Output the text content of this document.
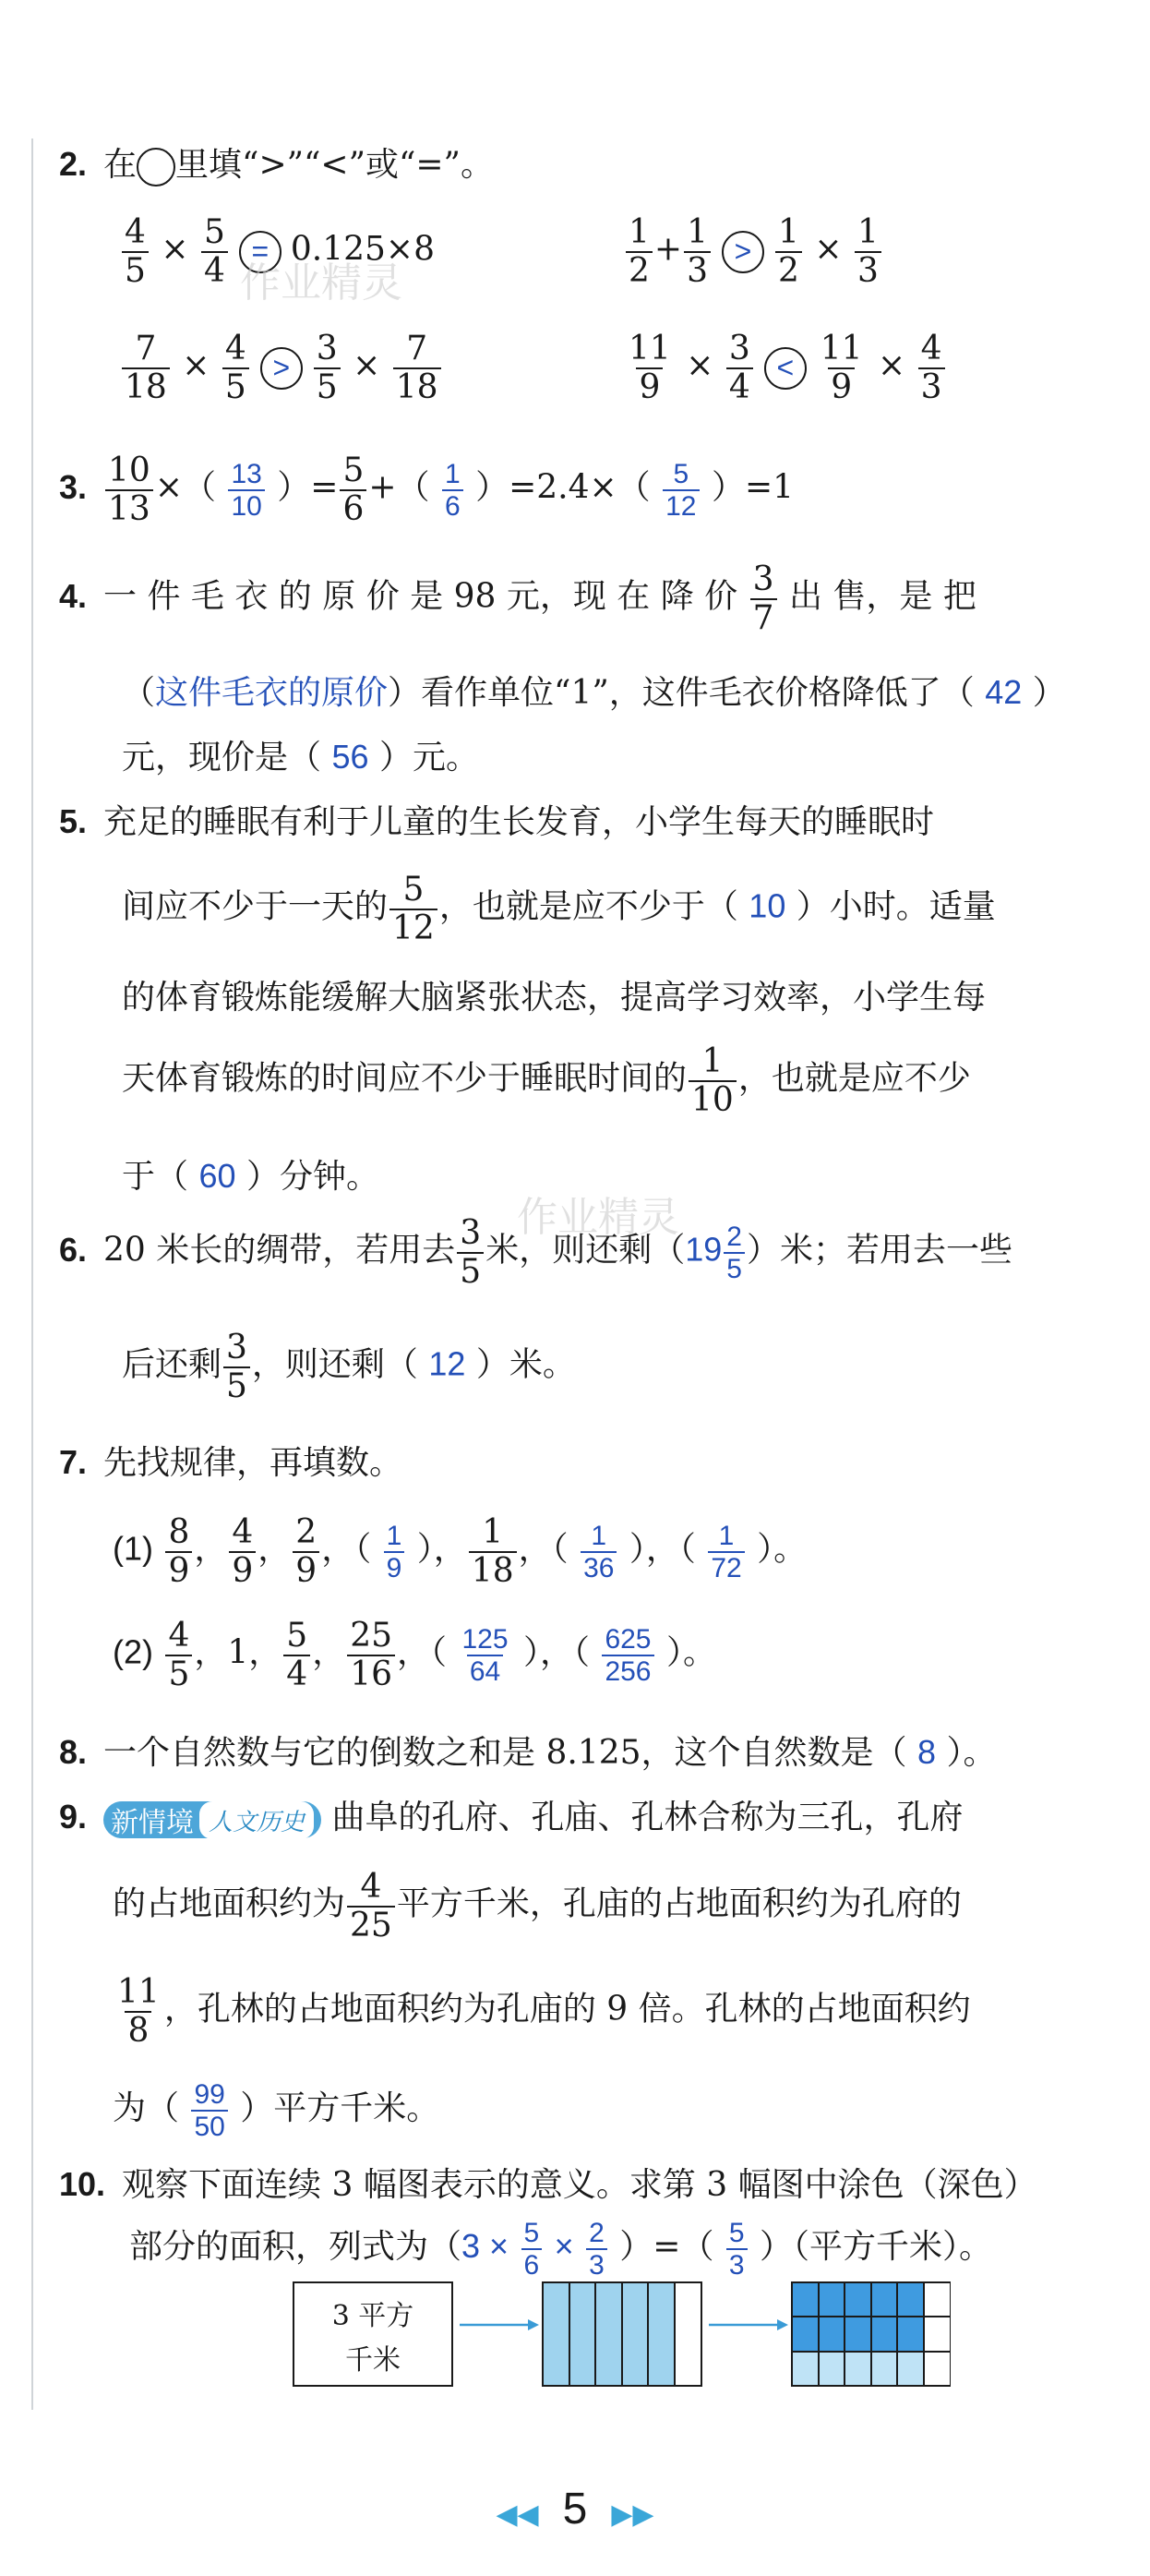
2. 在 里填“>”“<”或“=”。
$\frac{4}{5} \times \frac{5}{4} = 0.125\times 8$	$\frac{1}{2} + \frac{1}{3} > \frac{1}{2} \times \frac{1}{3}$
$\frac{7}{18} \times \frac{4}{5} > \frac{3}{5} \times \frac{7}{18}$	$\frac{11}{9} \times \frac{3}{4} < \frac{11}{9} \times \frac{4}{3}$
作业精灵
3. $\frac{10}{13}$ ×（ $\frac{13}{10}$ ）= $\frac{5}{6}$ +（ $\frac{1}{6} )=2.4\times( \frac{5}{12} )=1$
4. 一 件 毛 衣 的 原 价 是 98 元，现 在 降 价 $\frac{3}{7}$ 出 售，是 把
（这件毛衣的原价）看作单位“1”，这件毛衣价格降低了（ 42 ）
元，现价是（ 56 ）元。
5. 充足的睡眠有利于儿童的生长发育，小学生每天的睡眠时
间应不少于一天的 $\frac{5}{12}$ ，也就是应不少于（ 10 ）小时。适量
的体育锻炼能缓解大脑紧张状态，提高学习效率，小学生每
天体育锻炼的时间应不少于睡眠时间的 $\frac{1}{10}$ ，也就是应不少
于（ 60 ）分钟。
6. 20 米长的绸带，若用去 $\frac{3}{5}$ 米，则还剩（$19 \frac{2}{5}$ ）米；若用去一些
作业精灵
后还剩 $\frac{3}{5}$ ，则还剩（ 12 ）米。
7. 先找规律，再填数。
$(1) \frac{8}{9}$ ， $\frac{4}{9}$ ， $\frac{2}{9}$ ，（ $\frac{1}{9}$ ）， $\frac{1}{18}$ ，（ $\frac{1}{36}$ ），（ $\frac{1}{72}$ ）。
$(2) \frac{4}{5}$ ，1， $\frac{5}{4}$ ， $\frac{25}{16}$ ，（ $\frac{125}{64}$ ），（ $\frac{625}{256}$ ）。
8. 一个自然数与它的倒数之和是 8.125，这个自然数是（ 8 ）。
9. 新情境 人文历史 曲阜的孔府、孔庙、孔林合称为三孔，孔府
的占地面积约为 $\frac{4}{25}$ 平方千米，孔庙的占地面积约为孔府的
$\frac{11}{8}$ ，孔林的占地面积约为孔庙的 9 倍。孔林的占地面积约
为（ $\frac{99}{50}$ ）平方千米。
10. 观察下面连续 3 幅图表示的意义。求第 3 幅图中涂色（深色）
部分的面积，列式为（$3 \times \frac{5}{6} \times \frac{2}{3}$ ）=（ $\frac{5}{3}$ ）（平方千米）。
3 平方
千米
◀◀ 5 ▶▶
